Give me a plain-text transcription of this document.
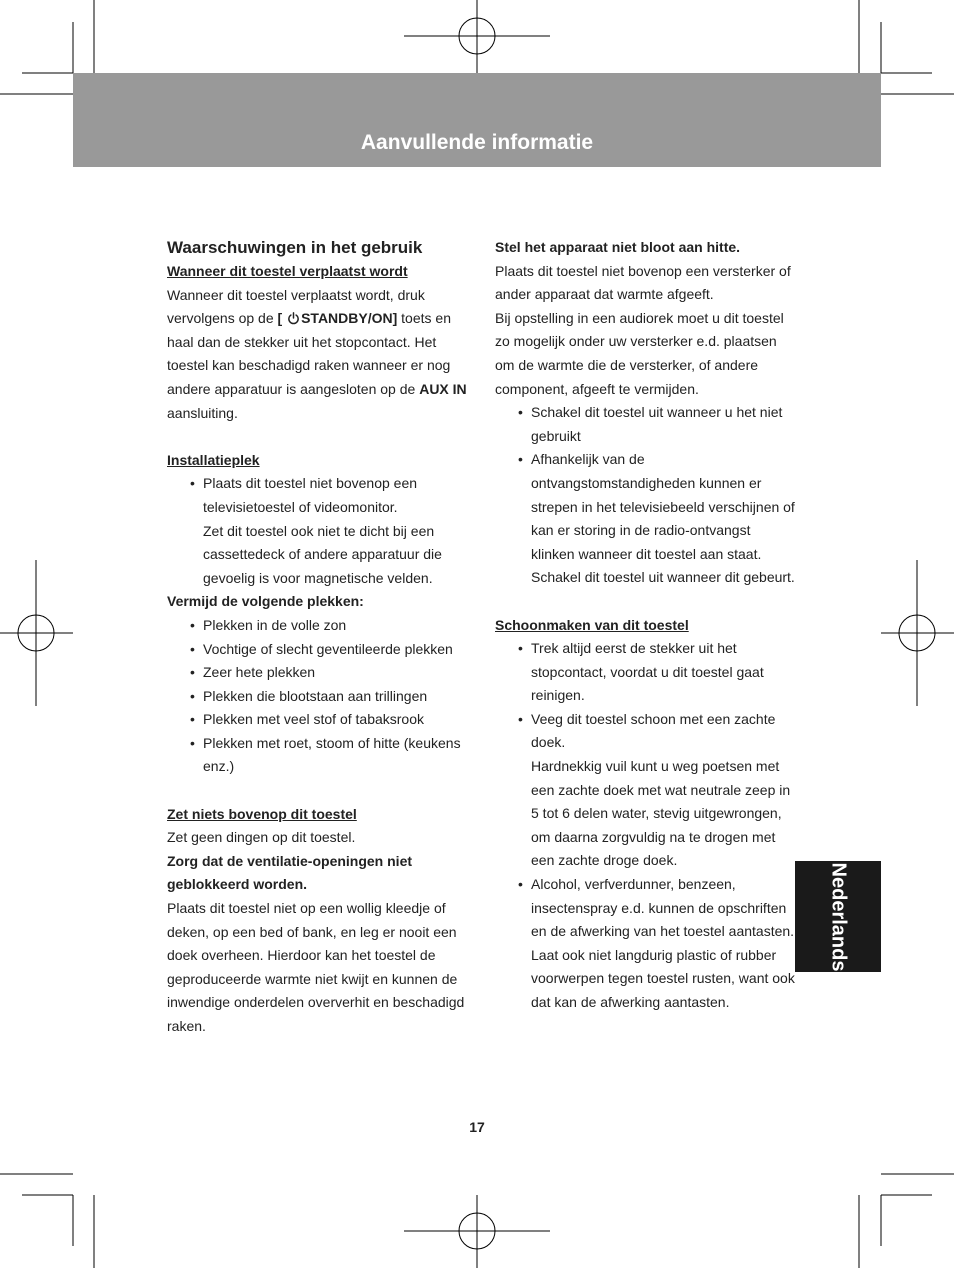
Aanvullende informatie

Waarschuwingen in het gebruik

Wanneer dit toestel verplaatst wordt

Wanneer dit toestel verplaatst wordt, druk vervolgens op de [ STANDBY/ON] toets en haal dan de stekker uit het stopcontact. Het toestel kan beschadigd raken wanneer er nog andere apparatuur is aangesloten op de AUX IN aansluiting.

Installatieplek

• Plaats dit toestel niet bovenop een televisietoestel of videomonitor.
Zet dit toestel ook niet te dicht bij een cassettedeck of andere apparatuur die gevoelig is voor magnetische velden.

Vermijd de volgende plekken:

• Plekken in de volle zon
• Vochtige of slecht geventileerde plekken
• Zeer hete plekken
• Plekken die blootstaan aan trillingen
• Plekken met veel stof of tabaksrook
• Plekken met roet, stoom of hitte (keukens enz.)

Zet niets bovenop dit toestel

Zet geen dingen op dit toestel.

Zorg dat de ventilatie-openingen niet geblokkeerd worden.

Plaats dit toestel niet op een wollig kleedje of deken, op een bed of bank, en leg er nooit een doek overheen. Hierdoor kan het toestel de geproduceerde warmte niet kwijt en kunnen de inwendige onderdelen oververhit en beschadigd raken.

Stel het apparaat niet bloot aan hitte.

Plaats dit toestel niet bovenop een versterker of ander apparaat dat warmte afgeeft.

Bij opstelling in een audiorek moet u dit toestel zo mogelijk onder uw versterker e.d. plaatsen om de warmte die de versterker, of andere component, afgeeft te vermijden.

• Schakel dit toestel uit wanneer u het niet gebruikt
• Afhankelijk van de ontvangstomstandigheden kunnen er strepen in het televisiebeeld verschijnen of kan er storing in de radio-ontvangst klinken wanneer dit toestel aan staat. Schakel dit toestel uit wanneer dit gebeurt.

Schoonmaken van dit toestel

• Trek altijd eerst de stekker uit het stopcontact, voordat u dit toestel gaat reinigen.
• Veeg dit toestel schoon met een zachte doek.
Hardnekkig vuil kunt u weg poetsen met een zachte doek met wat neutrale zeep in 5 tot 6 delen water, stevig uitgewrongen, om daarna zorgvuldig na te drogen met een zachte droge doek.
• Alcohol, verfverdunner, benzeen, insectenspray e.d. kunnen de opschriften en de afwerking van het toestel aantasten. Laat ook niet langdurig plastic of rubber voorwerpen tegen toestel rusten, want ook dat kan de afwerking aantasten.
Nederlands
17
